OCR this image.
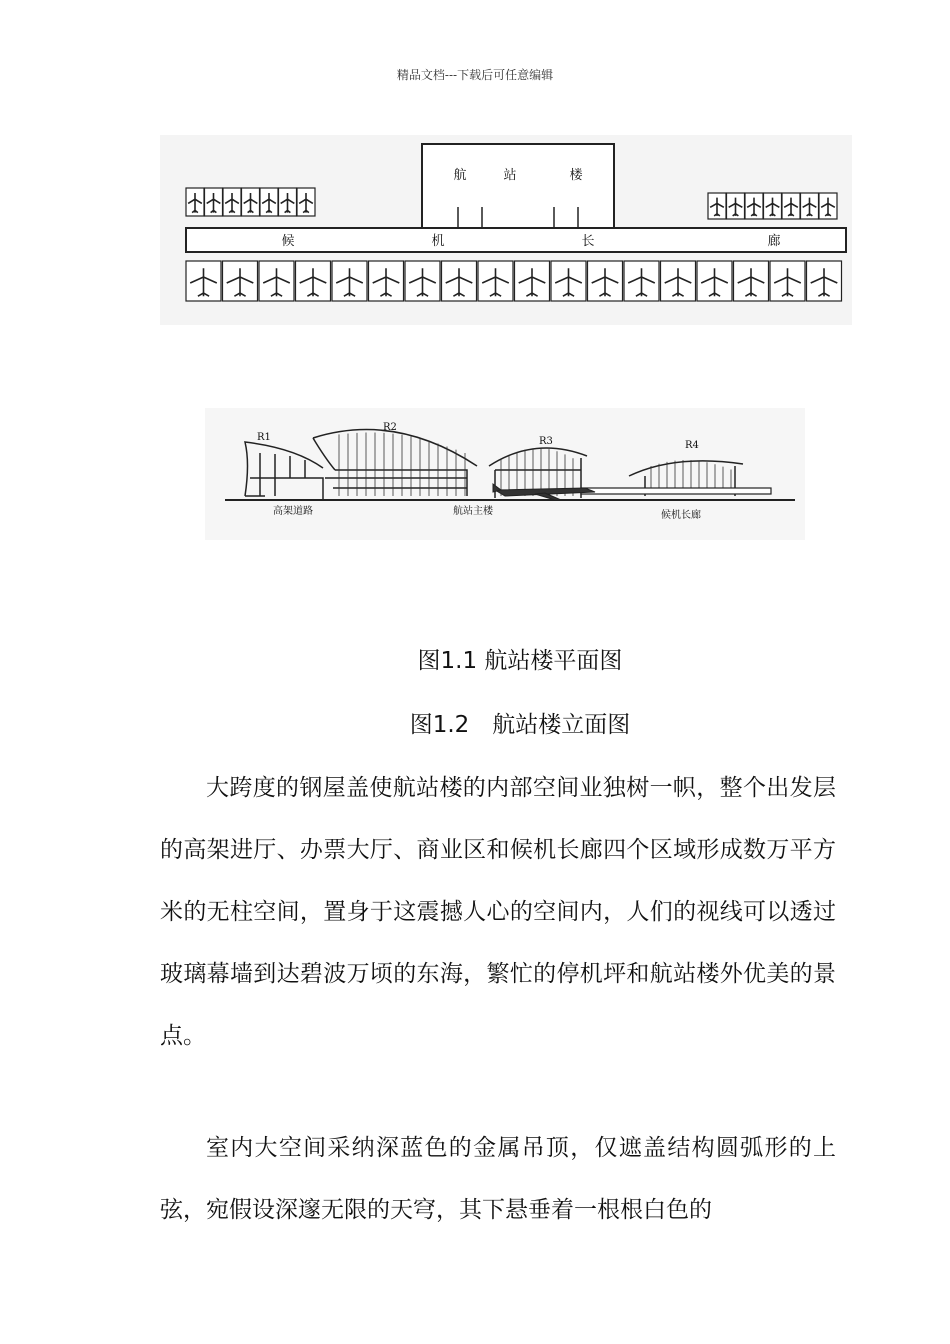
精品文档---下载后可任意编辑
航	站	楼
候	机	长	廊
R1
R2
R3	R4
高架道路	航站主楼	候机长廊
图1.1 航站楼平面图
图1.2　航站楼立面图
大跨度的钢屋盖使航站楼的内部空间业独树一帜，整个出发层的高架进厅、办票大厅、商业区和候机长廊四个区域形成数万平方米的无柱空间，置身于这震撼人心的空间内，人们的视线可以透过玻璃幕墙到达碧波万顷的东海，繁忙的停机坪和航站楼外优美的景点。
室内大空间采纳深蓝色的金属吊顶，仅遮盖结构圆弧形的上弦，宛假设深邃无限的天穹，其下悬垂着一根根白色的
